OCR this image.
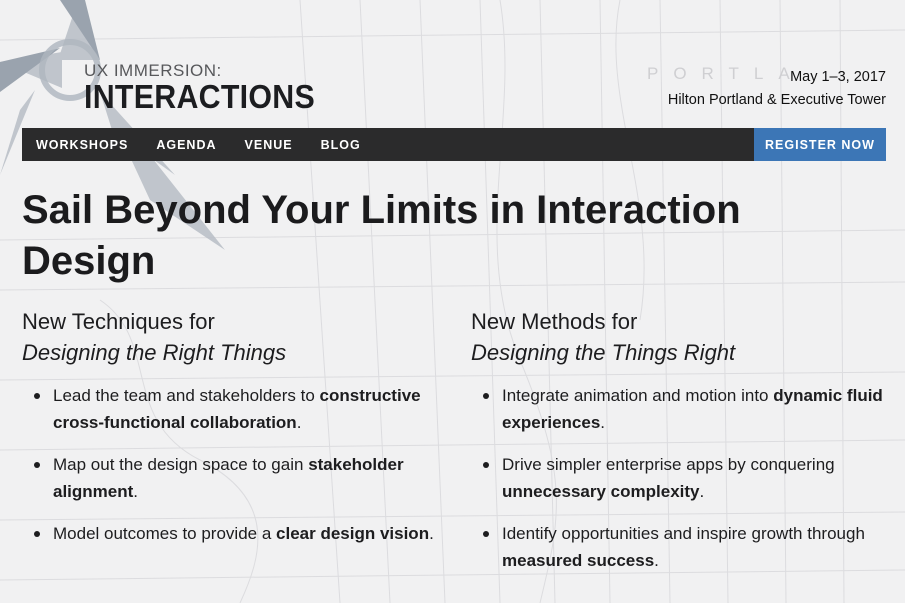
UX IMMERSION:
INTERACTIONS
PORTLA
May 1–3, 2017
Hilton Portland & Executive Tower
WORKSHOPS AGENDA VENUE BLOG	REGISTER NOW
Sail Beyond Your Limits in Interaction Design
New Techniques for
Designing the Right Things
Lead the team and stakeholders to constructive cross-functional collaboration.
Map out the design space to gain stakeholder alignment.
Model outcomes to provide a clear design vision.
New Methods for
Designing the Things Right
Integrate animation and motion into dynamic fluid experiences.
Drive simpler enterprise apps by conquering unnecessary complexity.
Identify opportunities and inspire growth through measured success.
